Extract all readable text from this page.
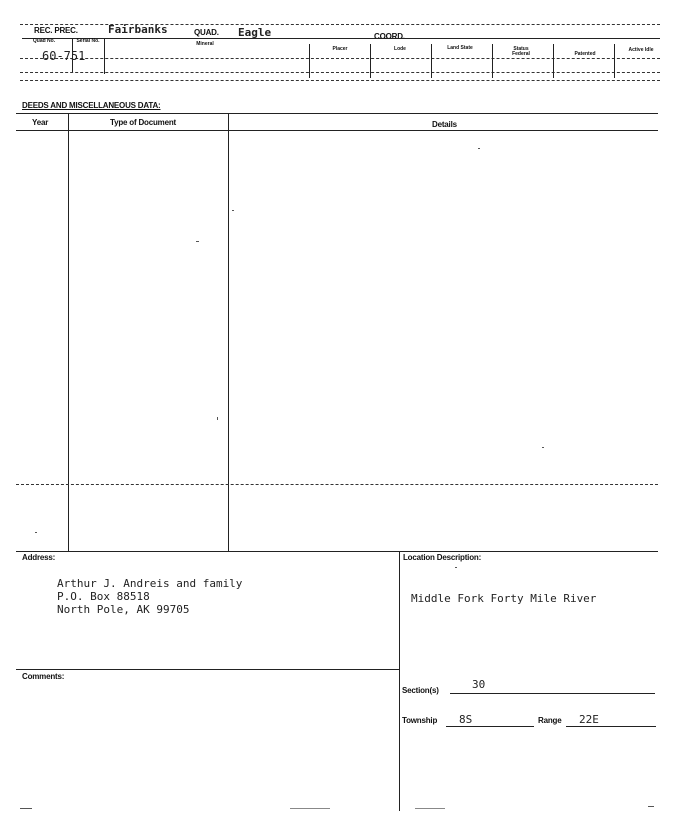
REC. PREC.	Fairbanks	QUAD. Eagle	COORD.
Quad No.	Serial No.	Mineral
Placer	Lode	Land State	Status Federal	Patented
Active Idle
60-751
DEEDS AND MISCELLANEOUS DATA:
Year	Type of Document	Details
Address:
Arthur J. Andreis and family
P.O. Box 88518
North Pole, AK 99705
Location Description:
Middle Fork Forty Mile River
Comments:
Section(s)	30
Township 8S	Range 22E
